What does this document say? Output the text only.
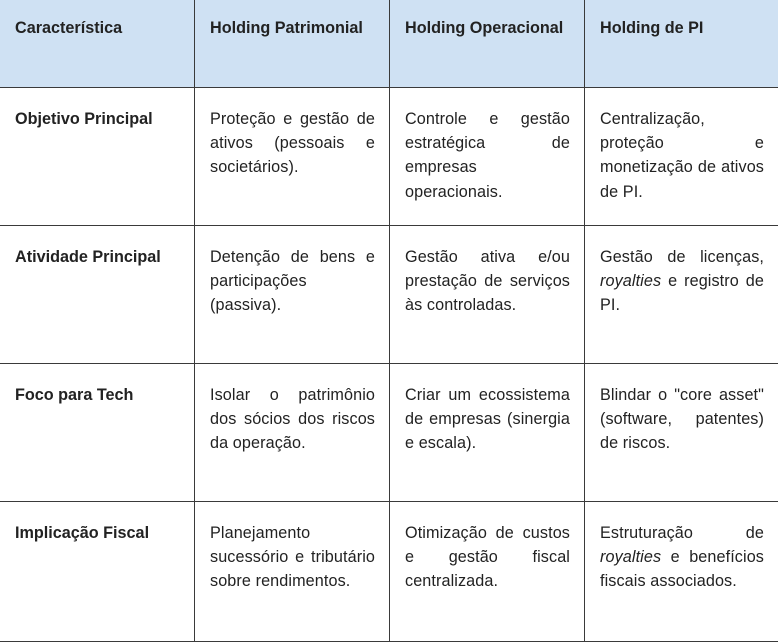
Característica	Holding Patrimonial	Holding Operacional	Holding de PI
Objetivo Principal	Proteção e gestão de ativos (pessoais e societários).	Controle e gestão estratégica de empresas operacionais.	Centralização, proteção e monetização de ativos de PI.
Atividade Principal	Detenção de bens e participações (passiva).	Gestão ativa e/ou prestação de serviços às controladas.	Gestão de licenças, royalties e registro de PI.
Foco para Tech	Isolar o patrimônio dos sócios dos riscos da operação.	Criar um ecossistema de empresas (sinergia e escala).	Blindar o "core asset" (software, patentes) de riscos.
Implicação Fiscal	Planejamento sucessório e tributário sobre rendimentos.	Otimização de custos e gestão fiscal centralizada.	Estruturação de royalties e benefícios fiscais associados.
